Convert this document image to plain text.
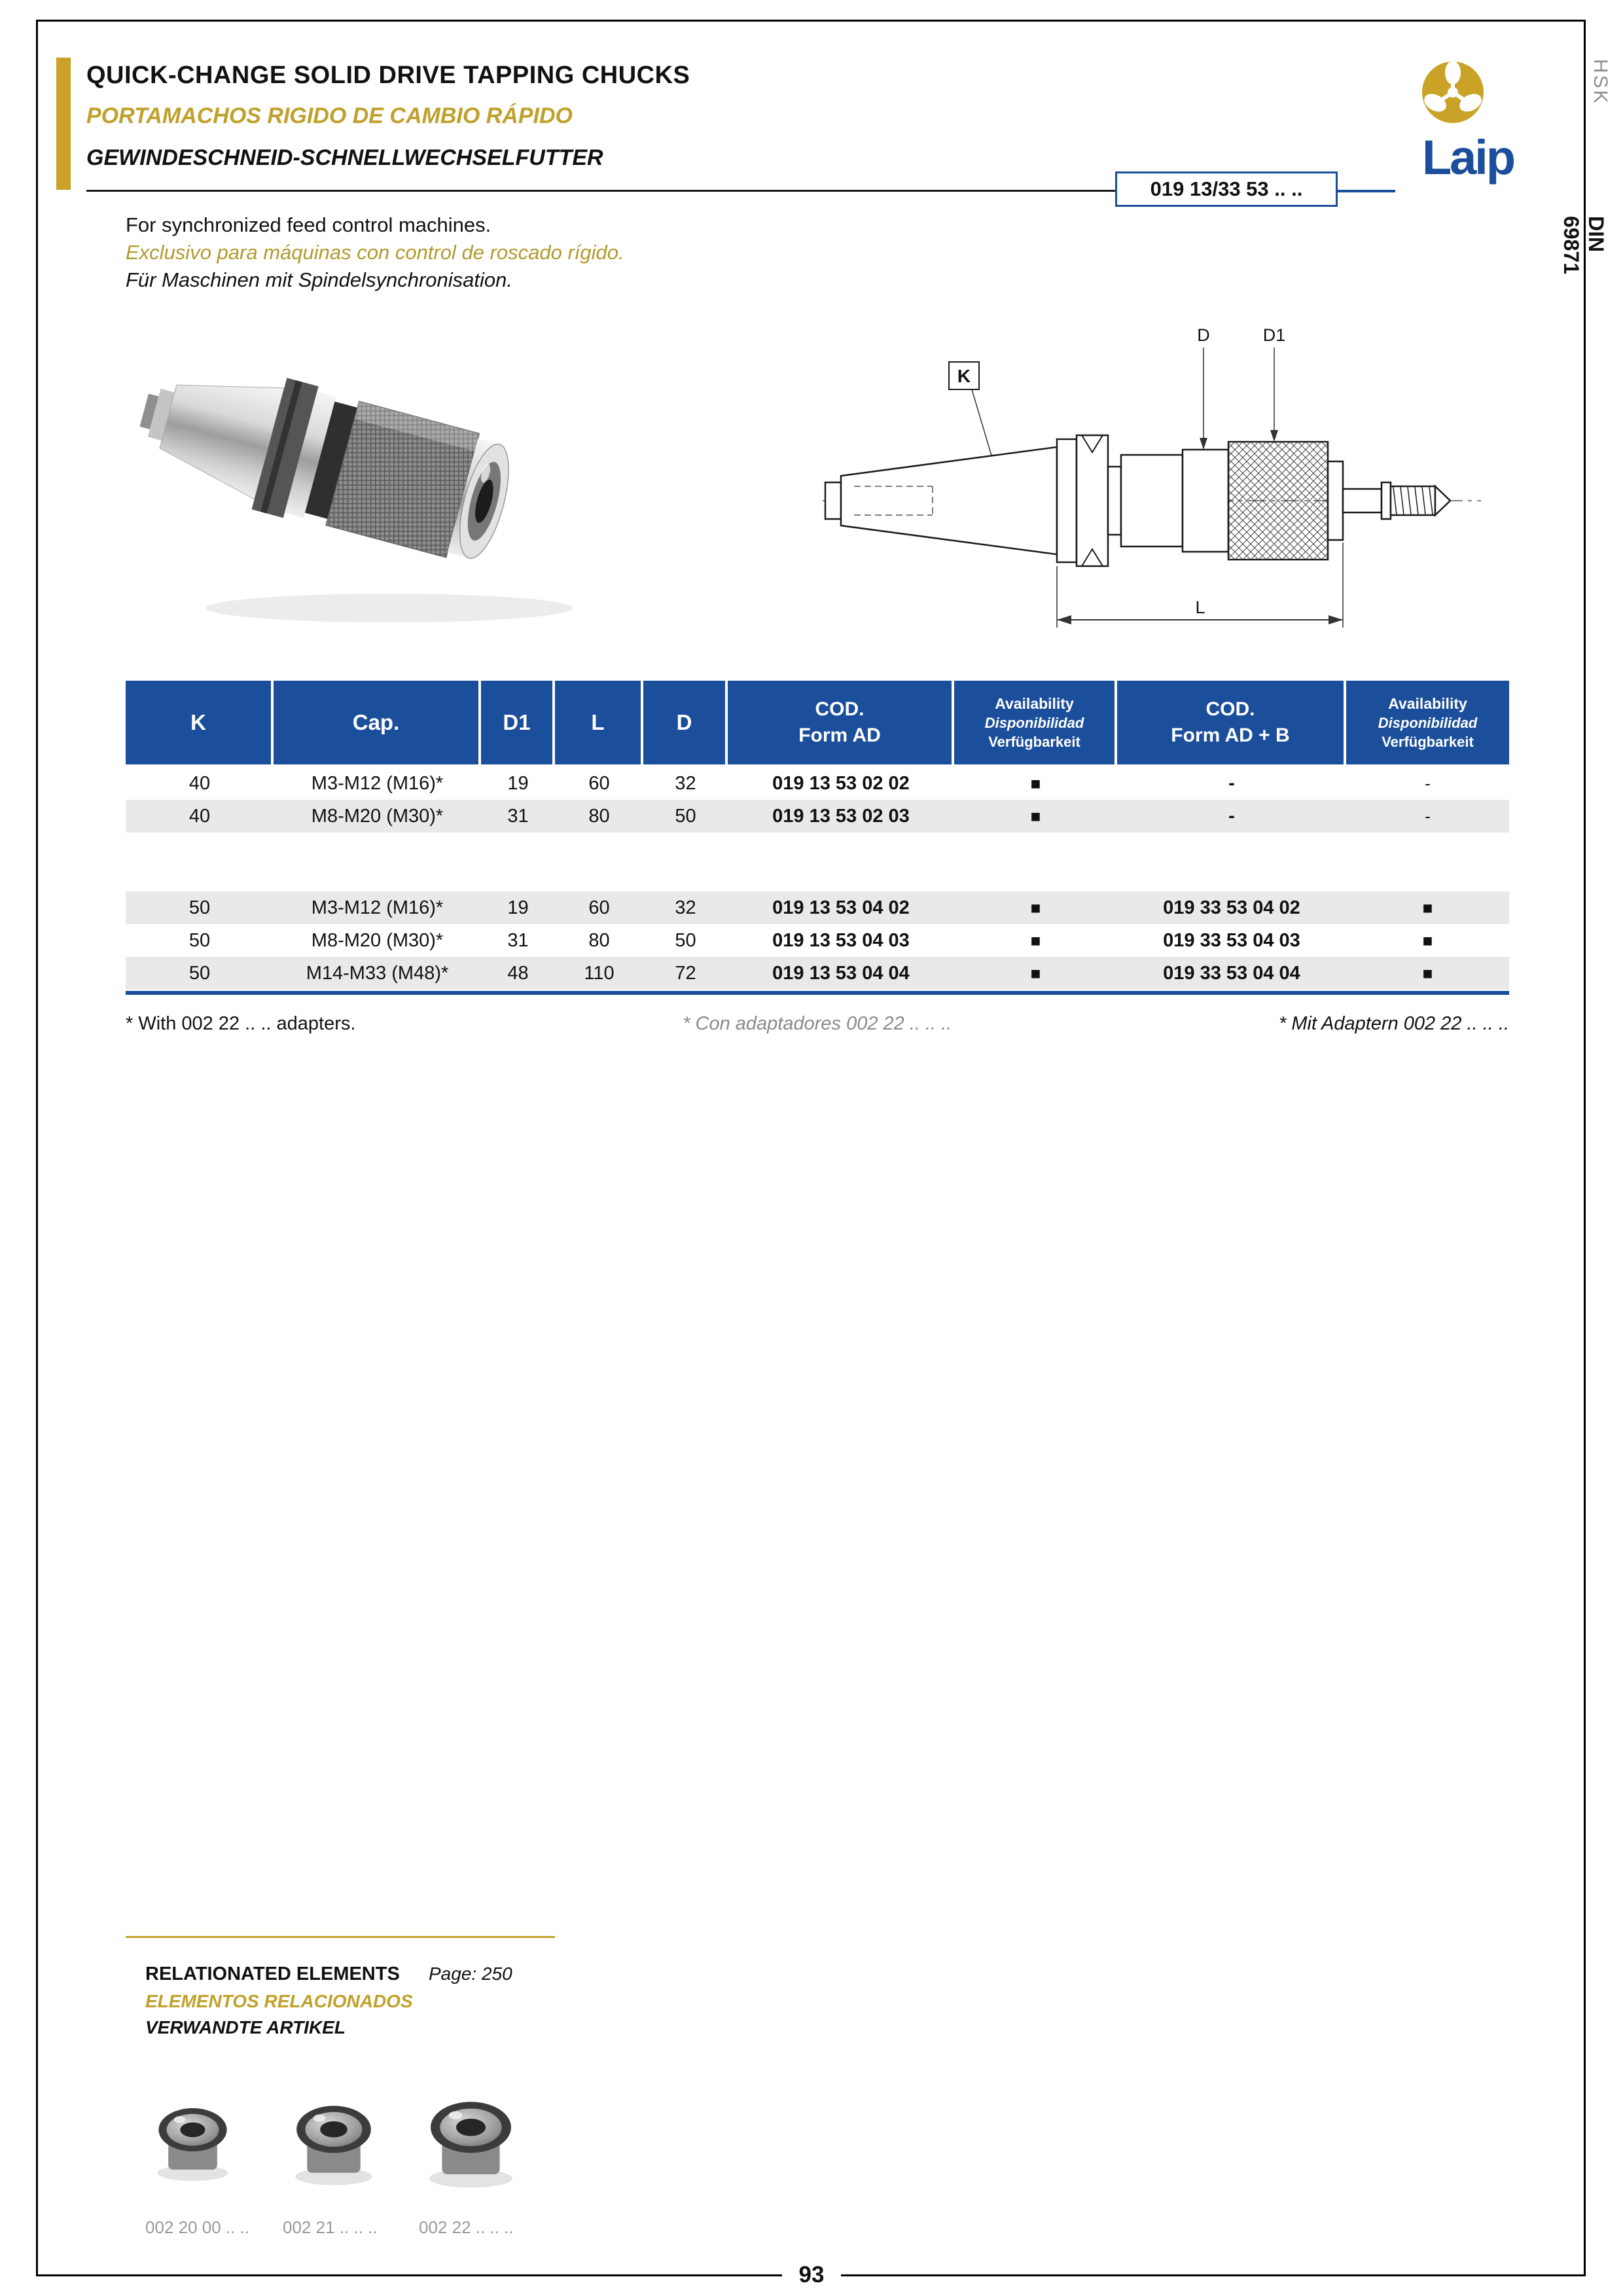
QUICK-CHANGE SOLID DRIVE TAPPING CHUCKS
PORTAMACHOS RIGIDO DE CAMBIO RÁPIDO
GEWINDESCHNEID-SCHNELLWECHSELFUTTER
019 13/33 53 .. ..
Laip
HSK
DIN
69871
For synchronized feed control machines.
Exclusivo para máquinas con control de roscado rígido.
Für Maschinen mit Spindelsynchronisation.
K
D	D1
L
K	Cap.	D1	L	D
COD.
Form AD
Availability
Disponibilidad
Verfügbarkeit
COD.
Form AD + B
Availability
Disponibilidad
Verfügbarkeit
40	M3-M12 (M16)*	19	60	32	019 13 53 02 02	■	-	-
40	M8-M20 (M30)*	31	80	50	019 13 53 02 03	■	-	-
50	M3-M12 (M16)*	19	60	32	019 13 53 04 02	■	019 33 53 04 02	■
50	M8-M20 (M30)*	31	80	50	019 13 53 04 03	■	019 33 53 04 03	■
50	M14-M33 (M48)*	48	110	72	019 13 53 04 04	■	019 33 53 04 04	■
* With 002 22 .. .. adapters.	* Con adaptadores 002 22 .. .. ..	* Mit Adaptern 002 22 .. .. ..
RELATIONATED ELEMENTS Page: 250
ELEMENTOS RELACIONADOS
VERWANDTE ARTIKEL
002 20 00 .. .. 002 21 .. .. .. 002 22 .. .. ..
93
